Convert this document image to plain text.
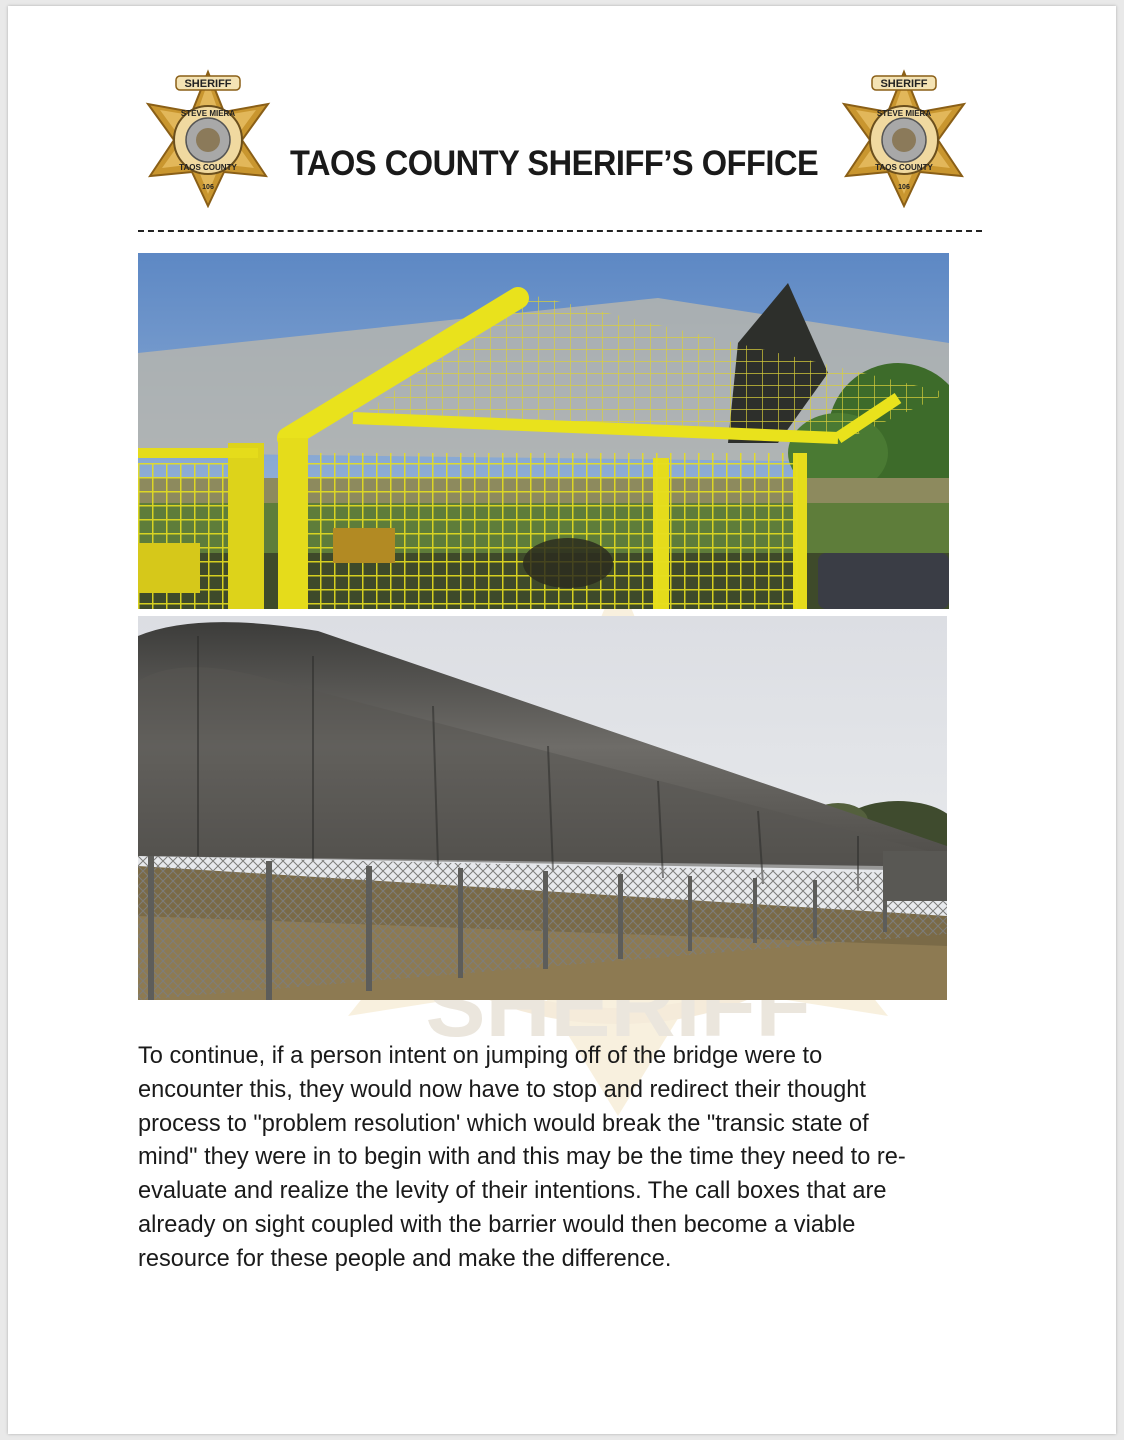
SHERIFF
SHERIFF
STEVE MIERA
TAOS COUNTY
106
TAOS COUNTY SHERIFF’S OFFICE
SHERIFF
STEVE MIERA
TAOS COUNTY
106
To continue, if a person intent on jumping off of the bridge were to
encounter this, they would now have to stop and redirect their thought
process to "problem resolution' which would break the "transic state of
mind" they were in to begin with and this may be the time they need to re-
evaluate and realize the levity of their intentions. The call boxes that are
already on sight coupled with the barrier would then become a viable
resource for these people and make the difference.
